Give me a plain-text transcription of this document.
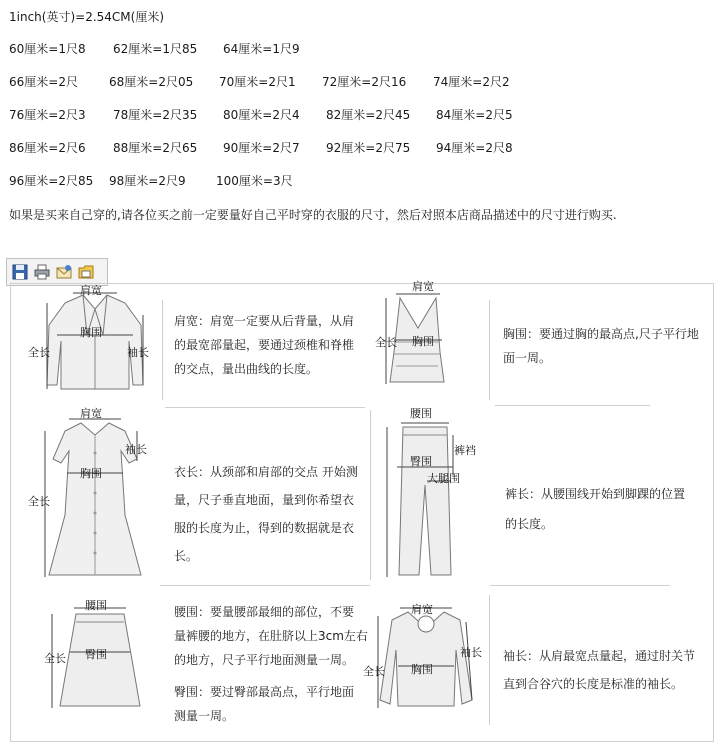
1inch(英寸)=2.54CM(厘米)
60厘米=1尺8 62厘米=1尺85 64厘米=1尺9
66厘米=2尺	68厘米=2尺05 70厘米=2尺1 72厘米=2尺16 74厘米=2尺2
76厘米=2尺3 78厘米=2尺35 80厘米=2尺4 82厘米=2尺45 84厘米=2尺5
86厘米=2尺6 88厘米=2尺65 90厘米=2尺7 92厘米=2尺75 94厘米=2尺8
96厘米=2尺85 98厘米=2尺9	100厘米=3尺
如果是买来自己穿的,请各位买之前一定要量好自己平时穿的衣服的尺寸，然后对照本店商品描述中的尺寸进行购买.
肩宽
胸围
全长	袖长
肩宽：肩宽一定要从后背量，从肩
的最宽部量起，要通过颈椎和脊椎
的交点，量出曲线的长度。
肩宽
胸围
全长
胸围：要通过胸的最高点,尺子平行地
面一周。
肩宽
袖长
胸围
全长
衣长：从颈部和肩部的交点 开始测
量，尺子垂直地面，量到你希望衣
服的长度为止，得到的数据就是衣
长。
腰围
裤裆
臀围
大腿围
裤长：从腰围线开始到脚踝的位置
的长度。
腰围
全长 臀围
腰围：要量腰部最细的部位，不要
量裤腰的地方，在肚脐以上3cm左右
的地方，尺子平行地面测量一周。
臀围：要过臀部最高点，平行地面
测量一周。
肩宽
全长 胸围
袖长 袖长：从肩最宽点量起，通过肘关节
直到合谷穴的长度是标准的袖长。
